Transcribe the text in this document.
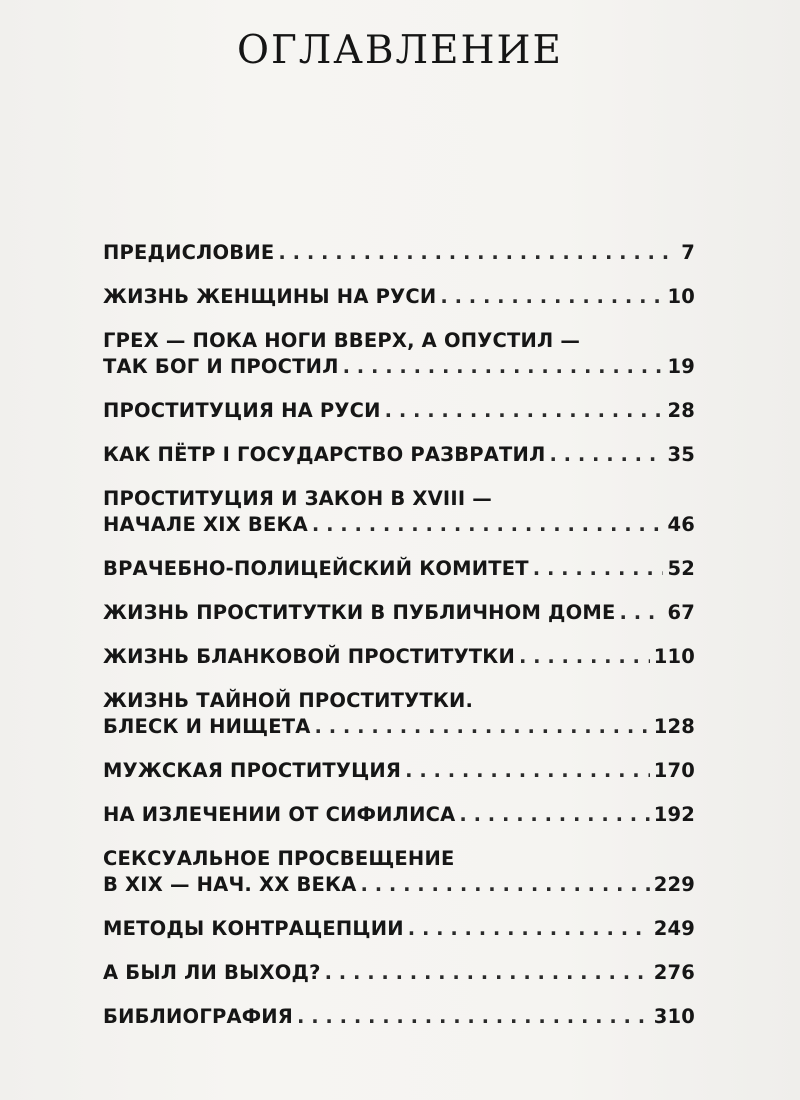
ОГЛАВЛЕНИЕ
ПРЕДИСЛОВИЕ . . .	7
ЖИЗНЬ ЖЕНЩИНЫ НА РУСИ . . .	10
ГРЕХ — ПОКА НОГИ ВВЕРХ, А ОПУСТИЛ —
ТАК БОГ И ПРОСТИЛ . . .	19
ПРОСТИТУЦИЯ НА РУСИ . . .	28
КАК ПЁТР I ГОСУДАРСТВО РАЗВРАТИЛ . . .	35
ПРОСТИТУЦИЯ И ЗАКОН В XVIII —
НАЧАЛЕ XIX ВЕКА . . .	46
ВРАЧЕБНО-ПОЛИЦЕЙСКИЙ КОМИТЕТ . . .	52
ЖИЗНЬ ПРОСТИТУТКИ В ПУБЛИЧНОМ ДОМЕ . . .	67
ЖИЗНЬ БЛАНКОВОЙ ПРОСТИТУТКИ . . .	110
ЖИЗНЬ ТАЙНОЙ ПРОСТИТУТКИ.
БЛЕСК И НИЩЕТА . . .	128
МУЖСКАЯ ПРОСТИТУЦИЯ . . .	170
НА ИЗЛЕЧЕНИИ ОТ СИФИЛИСА . . .	192
СЕКСУАЛЬНОЕ ПРОСВЕЩЕНИЕ
В XIX — НАЧ. XX ВЕКА . . .	229
МЕТОДЫ КОНТРАЦЕПЦИИ . . .	249
А БЫЛ ЛИ ВЫХОД? . . .	276
БИБЛИОГРАФИЯ . . .	310
